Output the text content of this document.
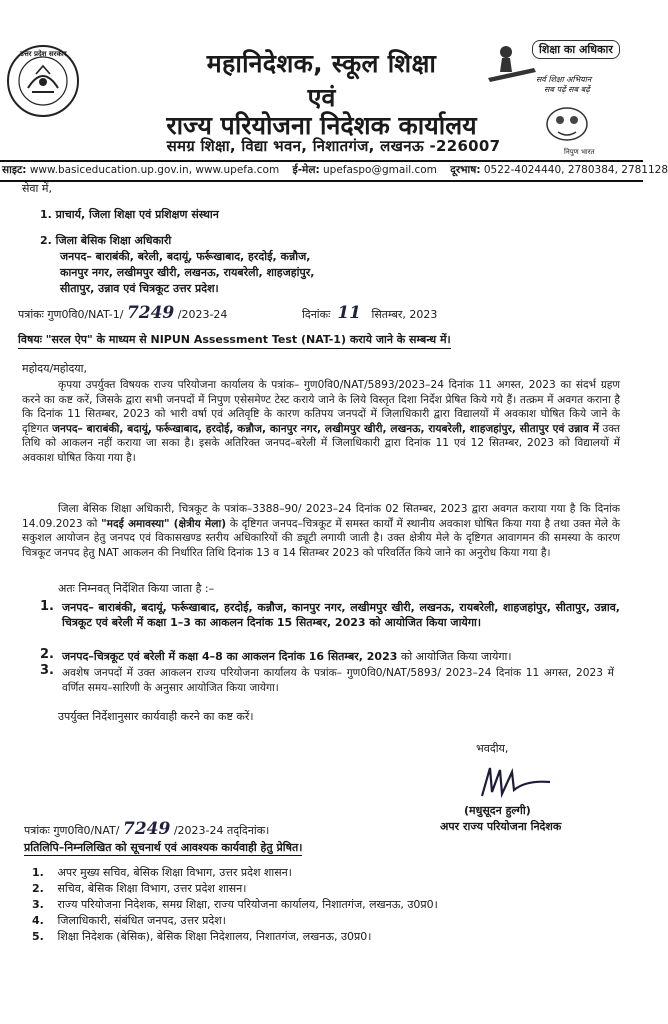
उत्तर प्रदेश सरकार	महानिदेशक, स्कूल शिक्षा
एवं
राज्य परियोजना निदेशक कार्यालय
समग्र शिक्षा, विद्या भवन, निशातगंज, लखनऊ -226007
शिक्षा का अधिकार
सर्व शिक्षा अभियान
सब पढ़ें सब बढ़ें
निपुण भारत
साइट: www.basiceducation.up.gov.in, www.upefa.com ई-मेल: upefaspo@gmail.com दूरभाष: 0522-4024440, 2780384, 2781128
सेवा में,
1. प्राचार्य, जिला शिक्षा एवं प्रशिक्षण संस्थान
2. जिला बेसिक शिक्षा अधिकारी
जनपद– बाराबंकी, बरेली, बदायूं, फर्रूखाबाद, हरदोई, कन्नौज,
कानपुर नगर, लखीमपुर खीरी, लखनऊ, रायबरेली, शाहजहांपुर,
सीतापुर, उन्नाव एवं चित्रकूट उत्तर प्रदेश।
पत्रांकः गुण0वि0/NAT-1/ 7249 /2023-24	दिनांकः 11 सितम्बर, 2023
विषयः "सरल ऐप" के माध्यम से NIPUN Assessment Test (NAT-1) कराये जाने के सम्बन्ध में।
महोदय/महोदया,
कृपया उपर्युक्त विषयक राज्य परियोजना कार्यालय के पत्रांक– गुण0वि0/NAT/5893/2023–24 दिनांक 11 अगस्त, 2023 का संदर्भ ग्रहण करने का कष्ट करें, जिसके द्वारा सभी जनपदों में निपुण एसेसमेण्ट टेस्ट कराये जाने के लिये विस्तृत दिशा निर्देश प्रेषित किये गये हैं। तत्क्रम में अवगत कराना है कि दिनांक 11 सितम्बर, 2023 को भारी वर्षा एवं अतिवृष्टि के कारण कतिपय जनपदों में जिलाधिकारी द्वारा विद्यालयों में अवकाश घोषित किये जाने के दृष्टिगत जनपद– बाराबंकी, बदायूं, फर्रूखाबाद, हरदोई, कन्नौज, कानपुर नगर, लखीमपुर खीरी, लखनऊ, रायबरेली, शाहजहांपुर, सीतापुर एवं उन्नाव में उक्त तिथि को आकलन नहीं कराया जा सका है। इसके अतिरिक्त जनपद–बरेली में जिलाधिकारी द्वारा दिनांक 11 एवं 12 सितम्बर, 2023 को विद्यालयों में अवकाश घोषित किया गया है।
जिला बेसिक शिक्षा अधिकारी, चित्रकूट के पत्रांक–3388–90/ 2023–24 दिनांक 02 सितम्बर, 2023 द्वारा अवगत कराया गया है कि दिनांक 14.09.2023 को "मदई अमावस्या" (क्षेत्रीय मेला) के दृष्टिगत जनपद–चित्रकूट में समस्त कार्यों में स्थानीय अवकाश घोषित किया गया है तथा उक्त मेले के सकुशल आयोजन हेतु जनपद एवं विकासखण्ड स्तरीय अधिकारियों की ड्यूटी लगायी जाती है। उक्त क्षेत्रीय मेले के दृष्टिगत आवागमन की समस्या के कारण चित्रकूट जनपद हेतु NAT आकलन की निर्धारित तिथि दिनांक 13 व 14 सितम्बर 2023 को परिवर्तित किये जाने का अनुरोध किया गया है।
अतः निम्नवत् निर्देशित किया जाता है :–
1. जनपद– बाराबंकी, बदायूं, फर्रूखाबाद, हरदोई, कन्नौज, कानपुर नगर, लखीमपुर खीरी, लखनऊ, रायबरेली, शाहजहांपुर, सीतापुर, उन्नाव, चित्रकूट एवं बरेली में कक्षा 1–3 का आकलन दिनांक 15 सितम्बर, 2023 को आयोजित किया जायेगा।
2. जनपद–चित्रकूट एवं बरेली में कक्षा 4–8 का आकलन दिनांक 16 सितम्बर, 2023 को आयोजित किया जायेगा।
3. अवशेष जनपदों में उक्त आकलन राज्य परियोजना कार्यालय के पत्रांक– गुण0वि0/NAT/5893/ 2023–24 दिनांक 11 अगस्त, 2023 में वर्णित समय–सारिणी के अनुसार आयोजित किया जायेगा।
उपर्युक्त निर्देशानुसार कार्यवाही करने का कष्ट करें।
भवदीय,
(मधुसूदन हुल्गी)
अपर राज्य परियोजना निदेशक
पत्रांकः गुण0वि0/NAT/ 7249 /2023-24 तद्‌दिनांक।
प्रतिलिपि–निम्नलिखित को सूचनार्थ एवं आवश्यक कार्यवाही हेतु प्रेषित।
1. अपर मुख्य सचिव, बेसिक शिक्षा विभाग, उत्तर प्रदेश शासन।
2. सचिव, बेसिक शिक्षा विभाग, उत्तर प्रदेश शासन।
3. राज्य परियोजना निदेशक, समग्र शिक्षा, राज्य परियोजना कार्यालय, निशातगंज, लखनऊ, उ0प्र0।
4. जिलाधिकारी, संबंधित जनपद, उत्तर प्रदेश।
5. शिक्षा निदेशक (बेसिक), बेसिक शिक्षा निदेशालय, निशातगंज, लखनऊ, उ0प्र0।
